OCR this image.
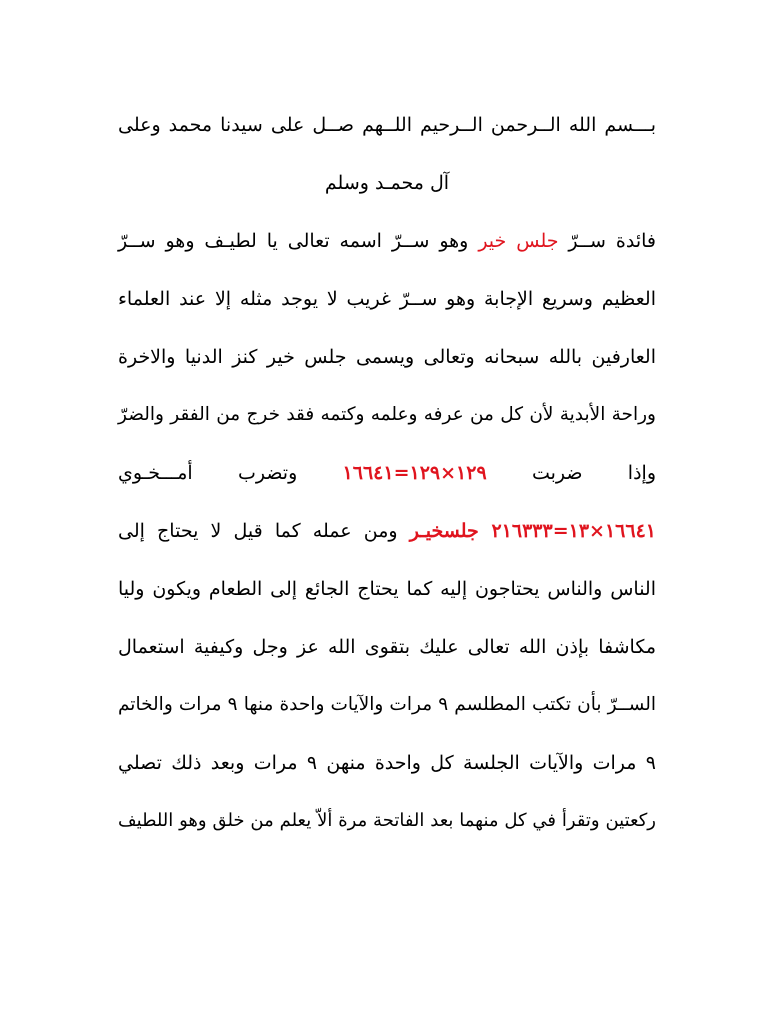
بـــسم الله الــرحمن الــرحيم اللــهم صــل على سيدنا محمد وعلى
آل محمـد وسلم
فائدة ســرّ جلس خير وهو ســرّ اسمه تعالى يا لطيـف وهو ســرّ
العظيم وسريع الإجابة وهو ســرّ غريب لا يوجد مثله إلا عند العلماء
العارفين بالله سبحانه وتعالى ويسمى جلس خير كنز الدنيا والاخرة
وراحة الأبدية لأن كل من عرفه وعلمه وكتمه فقد خرج من الفقر والضرّ
وإذا ضربت ١٢٩×١٢٩=١٦٦٤١ وتضرب أمـــخـوي
١٦٦٤١×١٣=٢١٦٣٣٣ جلسخيـر ومن عمله كما قيل لا يحتاج إلى
الناس والناس يحتاجون إليه كما يحتاج الجائع إلى الطعام ويكون وليا
مكاشفا بإذن الله تعالى عليك بتقوى الله عز وجل وكيفية استعمال
الســرّ بأن تكتب المطلسم ٩ مرات والآيات واحدة منها ٩ مرات والخاتم
٩ مرات والآيات الجلسة كل واحدة منهن ٩ مرات وبعد ذلك تصلي
ركعتين وتقرأ في كل منهما بعد الفاتحة مرة ألاّ يعلم من خلق وهو اللطيف
